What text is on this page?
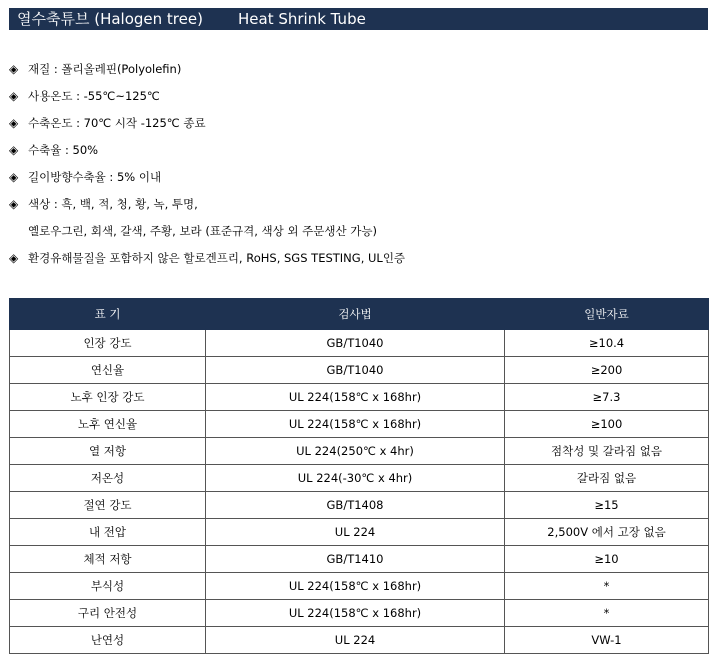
열수축튜브 (Halogen tree) Heat Shrink Tube
◈ 재질 : 폴리올레핀(Polyolefin)
◈ 사용온도 : -55℃~125℃
◈ 수축온도 : 70℃ 시작 -125℃ 종료
◈ 수축율 : 50%
◈ 길이방향수축율 : 5% 이내
◈ 색상 : 흑, 백, 적, 청, 황, 녹, 투명,
옐로우그린, 회색, 갈색, 주황, 보라 (표준규격, 색상 외 주문생산 가능)
◈ 환경유해물질을 포함하지 않은 할로겐프리, RoHS, SGS TESTING, UL인증
표 기	검사법	일반자료
인장 강도	GB/T1040	≥10.4
연신율	GB/T1040	≥200
노후 인장 강도	UL 224(158℃ x 168hr)	≥7.3
노후 연신율	UL 224(158℃ x 168hr)	≥100
열 저항	UL 224(250℃ x 4hr)	점착성 및 갈라짐 없음
저온성	UL 224(-30℃ x 4hr)	갈라짐 없음
절연 강도	GB/T1408	≥15
내 전압	UL 224	2,500V 에서 고장 없음
체적 저항	GB/T1410	≥10
부식성	UL 224(158℃ x 168hr)	*
구리 안전성	UL 224(158℃ x 168hr)	*
난연성	UL 224	VW-1
